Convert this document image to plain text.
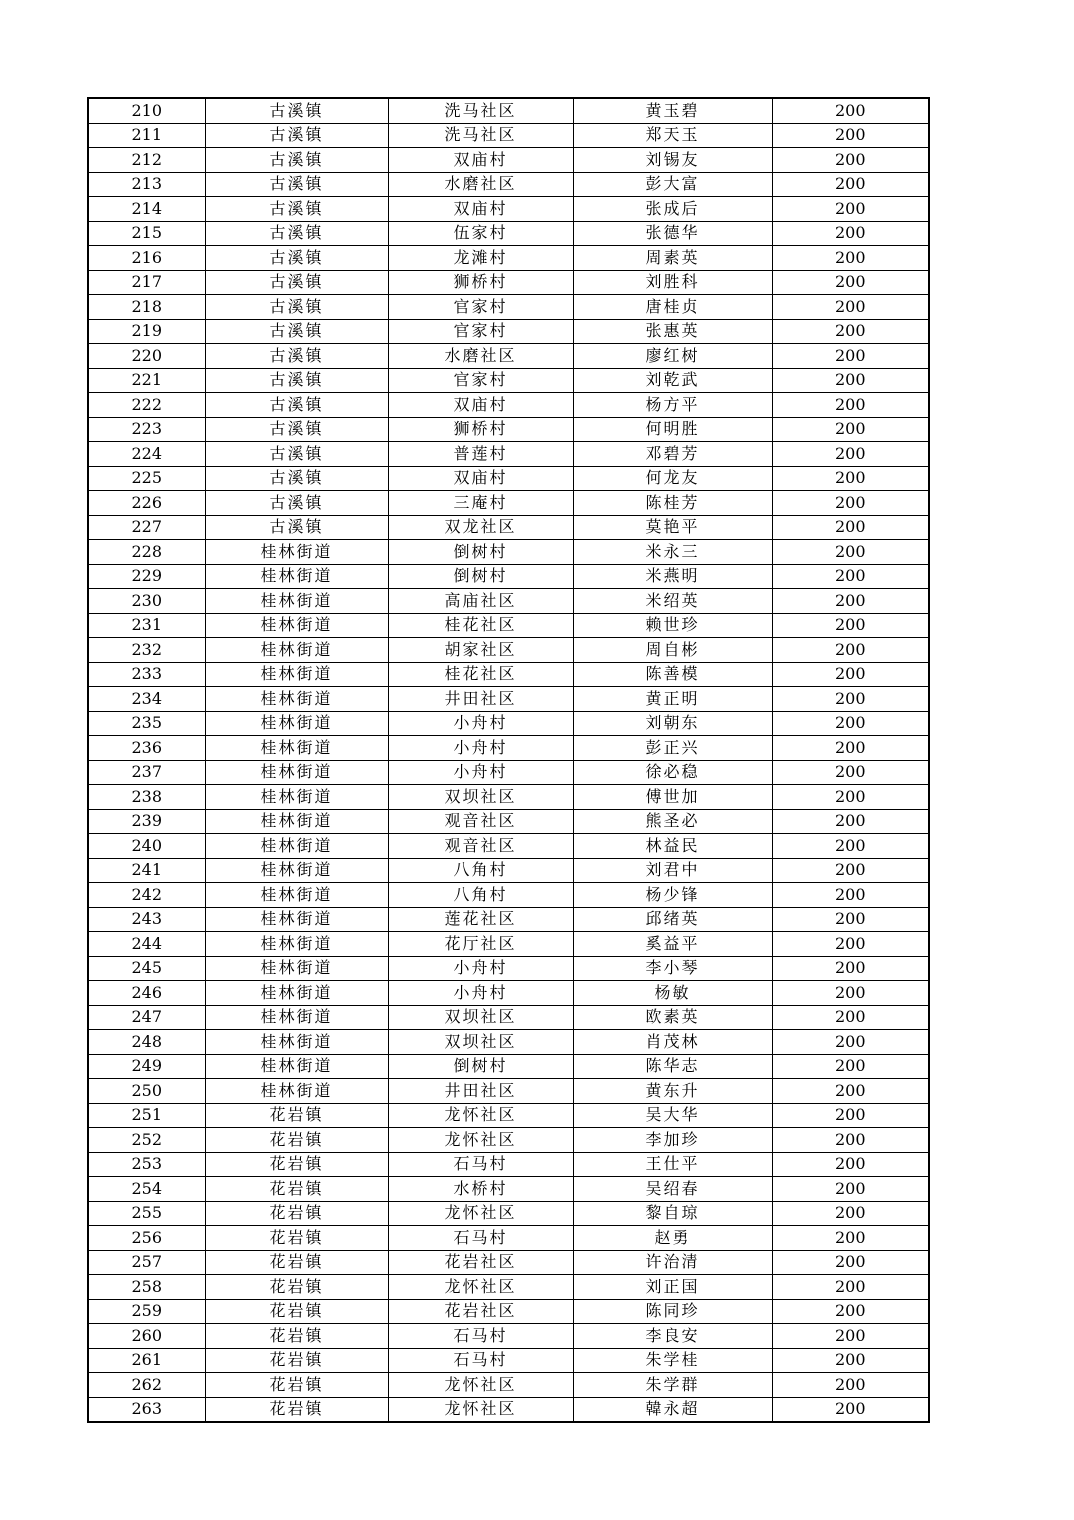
210	古溪镇	洗马社区	黄玉碧	200
211	古溪镇	洗马社区	郑天玉	200
212	古溪镇	双庙村	刘锡友	200
213	古溪镇	水磨社区	彭大富	200
214	古溪镇	双庙村	张成后	200
215	古溪镇	伍家村	张德华	200
216	古溪镇	龙滩村	周素英	200
217	古溪镇	狮桥村	刘胜科	200
218	古溪镇	官家村	唐桂贞	200
219	古溪镇	官家村	张惠英	200
220	古溪镇	水磨社区	廖红树	200
221	古溪镇	官家村	刘乾武	200
222	古溪镇	双庙村	杨方平	200
223	古溪镇	狮桥村	何明胜	200
224	古溪镇	普莲村	邓碧芳	200
225	古溪镇	双庙村	何龙友	200
226	古溪镇	三庵村	陈桂芳	200
227	古溪镇	双龙社区	莫艳平	200
228	桂林街道	倒树村	米永三	200
229	桂林街道	倒树村	米燕明	200
230	桂林街道	高庙社区	米绍英	200
231	桂林街道	桂花社区	赖世珍	200
232	桂林街道	胡家社区	周自彬	200
233	桂林街道	桂花社区	陈善模	200
234	桂林街道	井田社区	黄正明	200
235	桂林街道	小舟村	刘朝东	200
236	桂林街道	小舟村	彭正兴	200
237	桂林街道	小舟村	徐必稳	200
238	桂林街道	双坝社区	傅世加	200
239	桂林街道	观音社区	熊圣必	200
240	桂林街道	观音社区	林益民	200
241	桂林街道	八角村	刘君中	200
242	桂林街道	八角村	杨少锋	200
243	桂林街道	莲花社区	邱绪英	200
244	桂林街道	花厅社区	奚益平	200
245	桂林街道	小舟村	李小琴	200
246	桂林街道	小舟村	杨敏	200
247	桂林街道	双坝社区	欧素英	200
248	桂林街道	双坝社区	肖茂林	200
249	桂林街道	倒树村	陈华志	200
250	桂林街道	井田社区	黄东升	200
251	花岩镇	龙怀社区	吴大华	200
252	花岩镇	龙怀社区	李加珍	200
253	花岩镇	石马村	王仕平	200
254	花岩镇	水桥村	吴绍春	200
255	花岩镇	龙怀社区	黎自琼	200
256	花岩镇	石马村	赵勇	200
257	花岩镇	花岩社区	许治清	200
258	花岩镇	龙怀社区	刘正国	200
259	花岩镇	花岩社区	陈同珍	200
260	花岩镇	石马村	李良安	200
261	花岩镇	石马村	朱学桂	200
262	花岩镇	龙怀社区	朱学群	200
263	花岩镇	龙怀社区	韓永超	200
